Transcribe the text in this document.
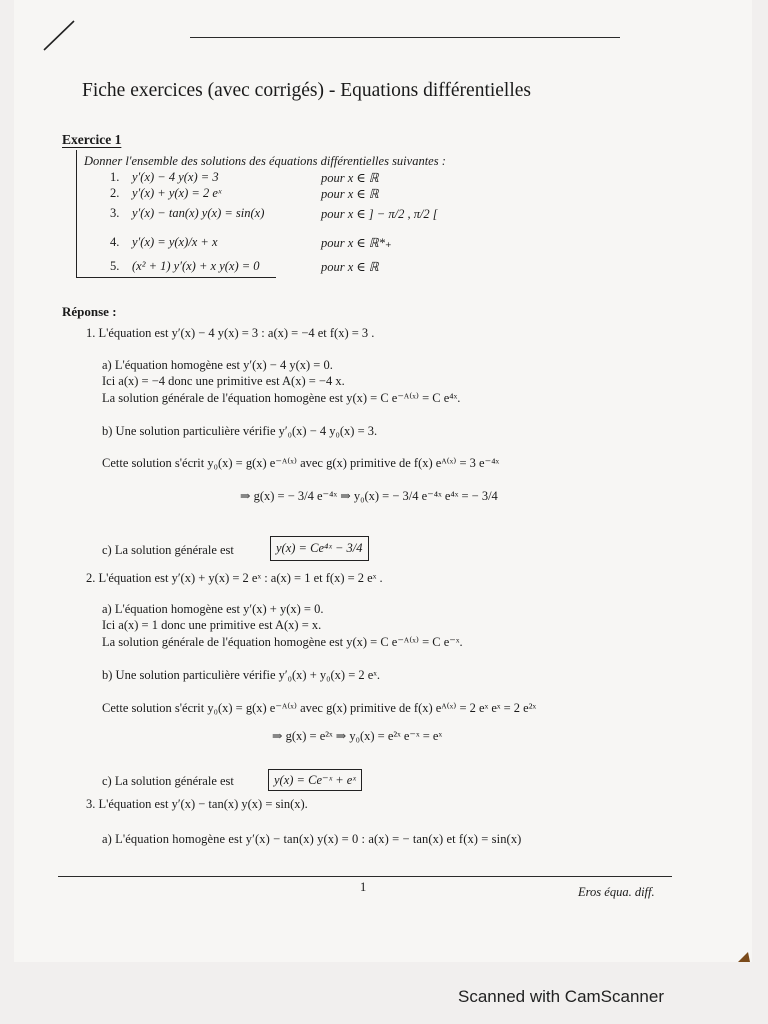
Fiche exercices (avec corrigés) - Equations différentielles
Exercice 1
Donner l'ensemble des solutions des équations différentielles suivantes :
1. y′(x) − 4 y(x) = 3	pour x ∈ ℝ
2. y′(x) + y(x) = 2 eˣ	pour x ∈ ℝ
3. y′(x) − tan(x) y(x) = sin(x)	pour x ∈ ] − π/2 , π/2 [
4. y′(x) = y(x)/x + x	pour x ∈ ℝ*₊
5. (x² + 1) y′(x) + x y(x) = 0	pour x ∈ ℝ
Réponse :
1. L'équation est y′(x) − 4 y(x) = 3 : a(x) = −4 et f(x) = 3 .
a) L'équation homogène est y′(x) − 4 y(x) = 0.
Ici a(x) = −4 donc une primitive est A(x) = −4 x.
La solution générale de l'équation homogène est y(x) = C e⁻ᴬ⁽ˣ⁾ = C e⁴ˣ.
b) Une solution particulière vérifie y′₀(x) − 4 y₀(x) = 3.
Cette solution s'écrit y₀(x) = g(x) e⁻ᴬ⁽ˣ⁾ avec g(x) primitive de f(x) eᴬ⁽ˣ⁾ = 3 e⁻⁴ˣ
⇒ g(x) = − 3/4 e⁻⁴ˣ ⇒ y₀(x) = − 3/4 e⁻⁴ˣ e⁴ˣ = − 3/4
c) La solution générale est	y(x) = Ce⁴ˣ − 3/4
2. L'équation est y′(x) + y(x) = 2 eˣ : a(x) = 1 et f(x) = 2 eˣ .
a) L'équation homogène est y′(x) + y(x) = 0.
Ici a(x) = 1 donc une primitive est A(x) = x.
La solution générale de l'équation homogène est y(x) = C e⁻ᴬ⁽ˣ⁾ = C e⁻ˣ.
b) Une solution particulière vérifie y′₀(x) + y₀(x) = 2 eˣ.
Cette solution s'écrit y₀(x) = g(x) e⁻ᴬ⁽ˣ⁾ avec g(x) primitive de f(x) eᴬ⁽ˣ⁾ = 2 eˣ eˣ = 2 e²ˣ
⇒ g(x) = e²ˣ ⇒ y₀(x) = e²ˣ e⁻ˣ = eˣ
c) La solution générale est	y(x) = Ce⁻ˣ + eˣ
3. L'équation est y′(x) − tan(x) y(x) = sin(x).
a) L'équation homogène est y′(x) − tan(x) y(x) = 0 : a(x) = − tan(x) et f(x) = sin(x)
1	Eros équa. diff.
Scanned with CamScanner
